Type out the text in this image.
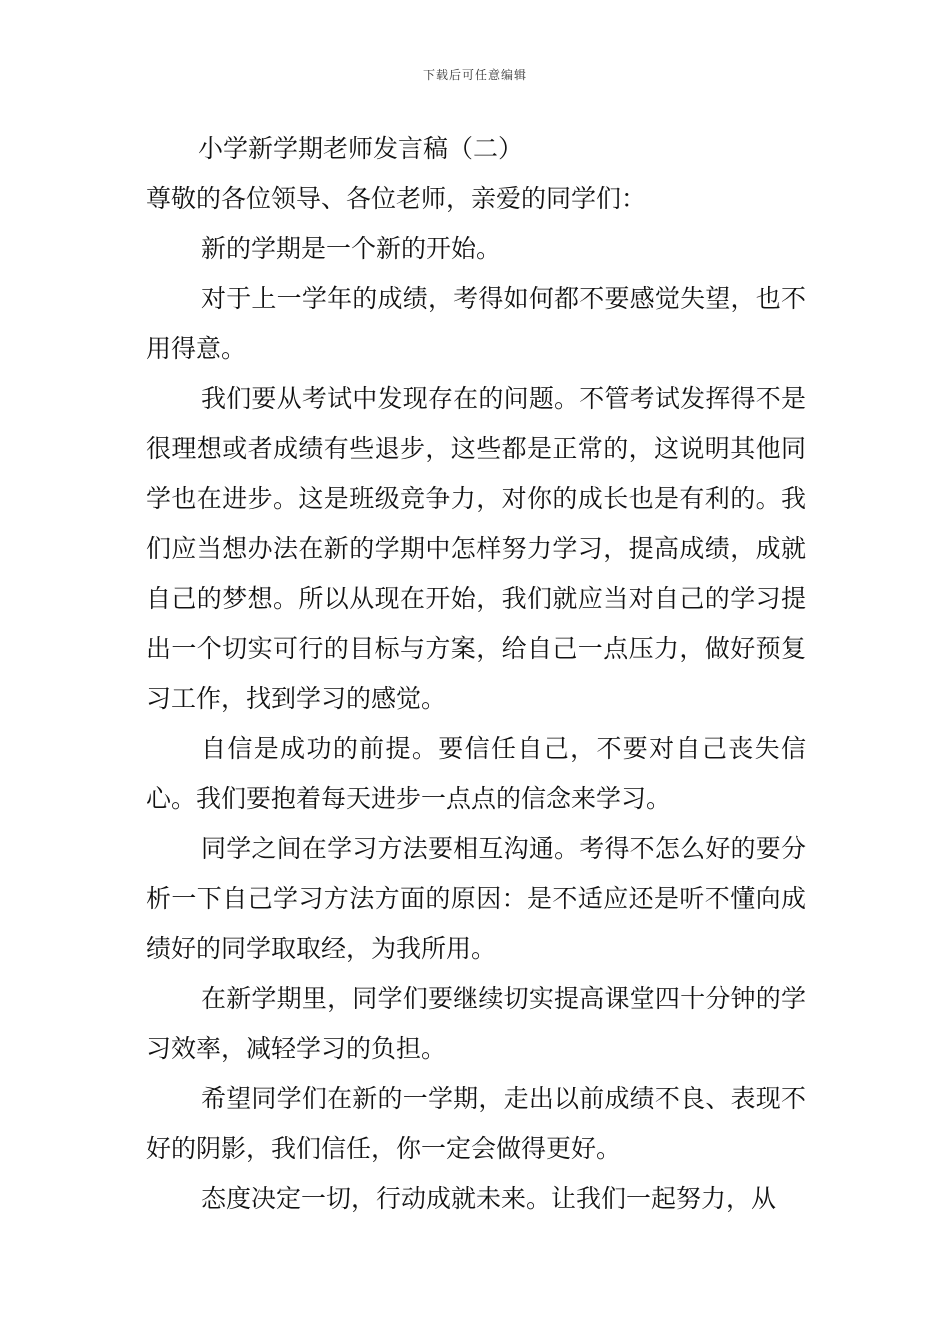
下载后可任意编辑
小学新学期老师发言稿（二）

尊敬的各位领导、各位老师，亲爱的同学们：

新的学期是一个新的开始。

对于上一学年的成绩，考得如何都不要感觉失望，也不用得意。

我们要从考试中发现存在的问题。不管考试发挥得不是很理想或者成绩有些退步，这些都是正常的，这说明其他同学也在进步。这是班级竞争力，对你的成长也是有利的。我们应当想办法在新的学期中怎样努力学习，提高成绩，成就自己的梦想。所以从现在开始，我们就应当对自己的学习提出一个切实可行的目标与方案，给自己一点压力，做好预复习工作，找到学习的感觉。

自信是成功的前提。要信任自己，不要对自己丧失信心。我们要抱着每天进步一点点的信念来学习。

同学之间在学习方法要相互沟通。考得不怎么好的要分析一下自己学习方法方面的原因：是不适应还是听不懂向成绩好的同学取取经，为我所用。

在新学期里，同学们要继续切实提高课堂四十分钟的学习效率，减轻学习的负担。

希望同学们在新的一学期，走出以前成绩不良、表现不好的阴影，我们信任，你一定会做得更好。

态度决定一切，行动成就未来。让我们一起努力，从
